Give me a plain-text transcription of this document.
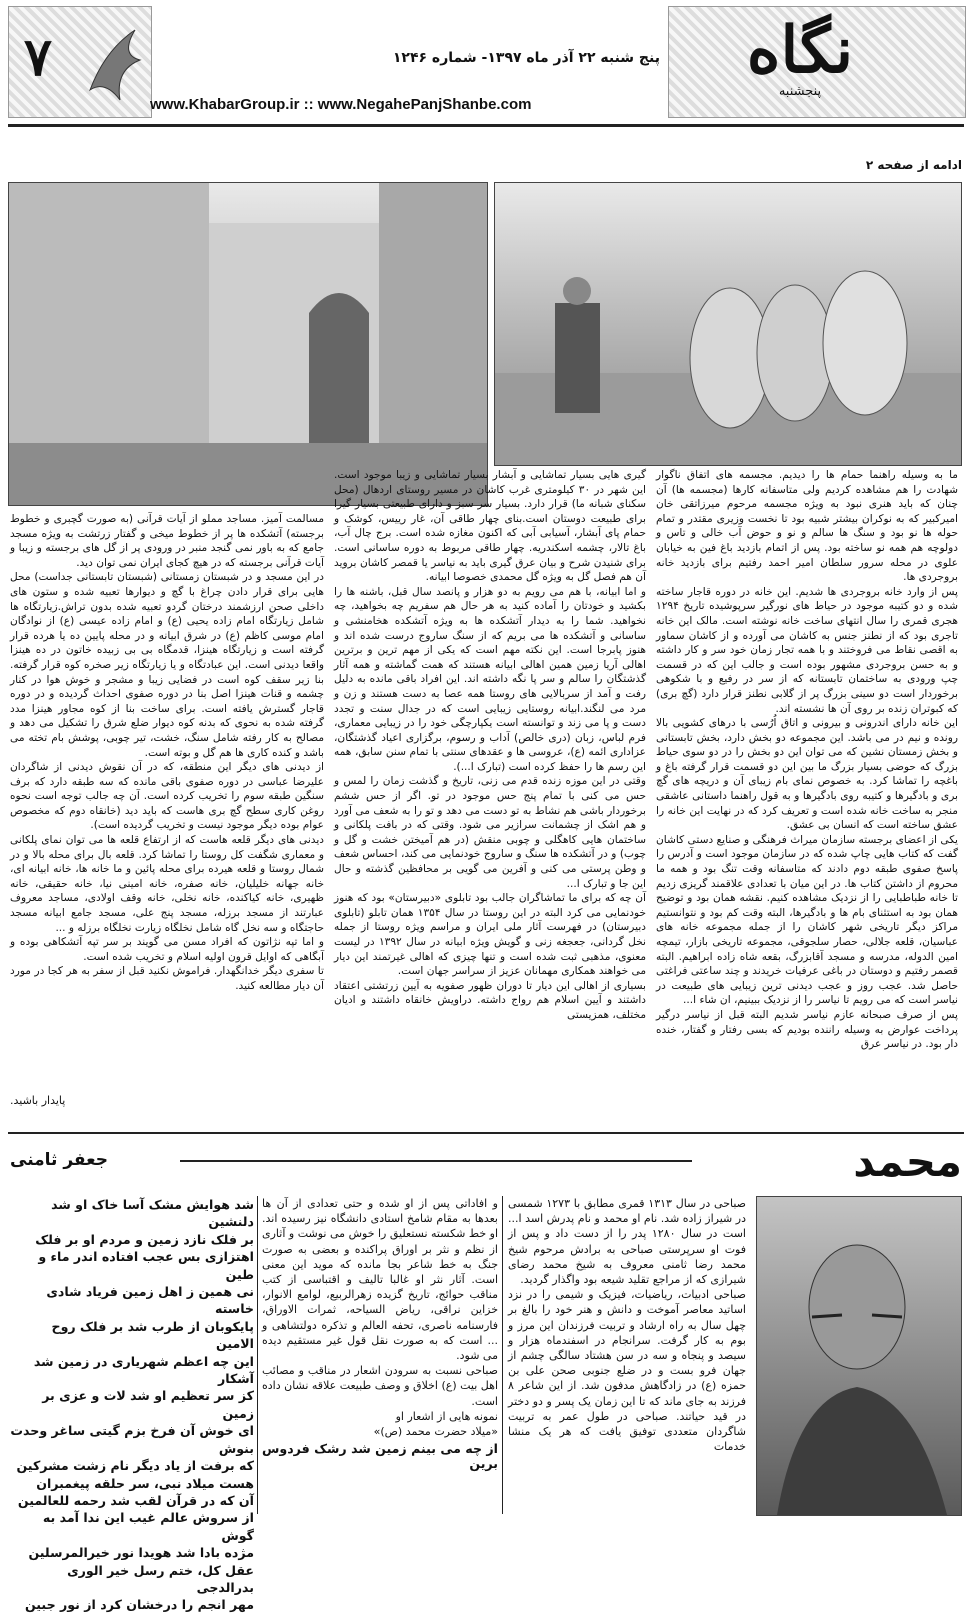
۷	پنج شنبه ۲۲ آذر ماه ۱۳۹۷- شماره ۱۲۴۶
www.KhabarGroup.ir :: www.NegahePanjShanbe.com
نگاه
پنجشنبه
ادامه از صفحه ۲

ما به وسیله راهنما حمام ها را دیدیم. مجسمه های اتفاق ناگوار شهادت را هم مشاهده کردیم ولی متاسفانه کارها (مجسمه ها) آن چنان که باید هنری نبود به ویژه مجسمه مرحوم میرزاتقی خان امیرکبیر که به نوکران بیشتر شبیه بود تا نخست وزیری مقتدر و تمام حوله ها نو بود و سنگ ها سالم و نو و حوض آب خالی و تاس و دولوچه هم همه نو ساخته بود. پس از اتمام بازدید باغ فین به خیابان علوی در محله سرور سلطان امیر احمد رفتیم برای بازدید خانه بروجردی ها.
پس از وارد خانه بروجردی ها شدیم. این خانه در دوره قاجار ساخته شده و دو کتیبه موجود در حیاط های نورگیر سرپوشیده تاریخ ۱۲۹۴ هجری قمری را سال انتهای ساخت خانه نوشته است. مالک این خانه تاجری بود که از نطنز جنس به کاشان می آورده و از کاشان سماور به اقصی نقاط می فروختند و با همه تجار زمان خود سر و کار داشته و به حسن بروجردی مشهور بوده است و جالب این که در قسمت چپ ورودی به ساختمان تابستانه که از سر در رفیع و با شکوهی برخوردار است دو سینی بزرگ پر از گلابی نطنز قرار دارد (گچ بری) که کبوتران زنده بر روی آن ها نشسته اند.
این خانه دارای اندرونی و بیرونی و اتاق اُرُسی با درهای کشویی بالا رونده و نیم در می باشد. این مجموعه دو بخش دارد، بخش تابستانی و بخش زمستان نشین که می توان این دو بخش را در دو سوی حیاط بزرگ که حوضی بسیار بزرگ ما بین این دو قسمت قرار گرفته باغ و باغچه را تماشا کرد. به خصوص نمای بام زیبای آن و دریچه های گچ بری و بادگیرها و کتیبه روی بادگیرها و به قول راهنما داستانی عاشقی منجر به ساخت خانه شده است و تعریف کرد که در نهایت این خانه را عشق ساخته است که انسان بی عشق.
یکی از اعضای برجسته سازمان میراث فرهنگی و صنایع دستی کاشان گفت که کتاب هایی چاپ شده که در سازمان موجود است و آدرس را پاسخ صفوی طبقه دوم دادند که متاسفانه وقت تنگ بود و همه ما محروم از داشتن کتاب ها. در این میان با تعدادی علاقمند گریزی زدیم تا خانه طباطبایی را از نزدیک مشاهده کنیم. نقشه همان بود و توضیح همان بود به استثنای بام ها و بادگیرها، البته وقت کم بود و نتوانستیم مراکز دیگر تاریخی شهر کاشان را از جمله مجموعه خانه های عباسیان، قلعه جلالی، حصار سلجوقی، مجموعه تاریخی بازار، تیمچه امین الدوله، مدرسه و مسجد آقابزرگ، بقعه شاه زاده ابراهیم. البته قصمر رفتیم و دوستان در باغی عرفیات خریدند و چند ساعتی فراغتی حاصل شد. عجب روز و عجب دیدنی ترین زیبایی های طبیعت در نیاسر است که می رویم تا نیاسر را از نزدیک ببینیم، ان شاء ا...
پس از صرف صبحانه عازم نیاسر شدیم البته قبل از نیاسر درگیر پرداخت عوارض به وسیله راننده بودیم که بسی رفتار و گفتار، خنده دار بود. در نیاسر عرق

گیری هایی بسیار تماشایی و آبشار بسیار تماشایی و زیبا موجود است. این شهر در ۳۰ کیلومتری غرب کاشان در مسیر روستای اردهال (محل سکنای شبانه ما) قرار دارد. بسیار سر سبز و دارای طبیعتی بسیار گیرا برای طبیعت دوستان است.بنای چهار طاقی آن، غار رییس، کوشک و حمام پای آبشار، آسیابی آبی که اکنون مغازه شده است. برج چال آب، باغ تالار، چشمه اسکندریه. چهار طاقی مربوط به دوره ساسانی است. برای شنیدن شرح و بیان عرق گیری باید به نیاسر یا قمصر کاشان بروید آن هم فصل گل به ویژه گل محمدی خصوصا ابیانه.
و اما ابیانه، با هم می رویم به دو هزار و پانصد سال قبل، باشنه ها را بکشید و خودتان را آماده کنید به هر حال هم سفریم چه بخواهید، چه نخواهید. شما را به دیدار آتشکده ها به ویژه آتشکده هخامنشی و ساسانی و آتشکده ها می بریم که از سنگ ساروج درست شده اند و هنوز پابرجا است. این نکته مهم است که یکی از مهم ترین و برترین اهالی آریا زمین همین اهالی ابیانه هستند که همت گماشته و همه آثار گذشتگان را سالم و سر پا نگه داشته اند. این افراد باقی مانده به دلیل رفت و آمد از سربالایی های روستا همه عصا به دست هستند و زن و مرد می لنگند.ابیانه روستایی زیبایی است که در جدال سنت و تجدد دست و پا می زند و توانسته است یکپارچگی خود را در زیبایی معماری، فرم لباس، زبان (دری خالص) آداب و رسوم، برگزاری اعیاد گذشتگان، عزاداری ائمه (ع)، عروسی ها و عقدهای سنتی با تمام سنن سابق، همه این رسم ها را حفظ کرده است (تبارک ا...).
وقتی در این موزه زنده قدم می زنی، تاریخ و گذشت زمان را لمس و حس می کنی با تمام پنج حس موجود در تو. اگر از حس ششم برخوردار باشی هم نشاط به تو دست می دهد و تو را به شعف می آورد و هم اشک از چشمانت سرازیر می شود. وقتی که در بافت پلکانی و ساختمان هایی کاهگلی و چوبی منقش (در هم آمیختن خشت و گل و چوب) و در آتشکده ها سنگ و ساروج خودنمایی می کند، احساس شعف و وطن پرستی می کنی و آفرین می گویی بر محافظین گذشته و حال این جا و تبارک ا...
آن چه که برای ما تماشاگران جالب بود تابلوی «دبیرستان» بود که هنوز خودنمایی می کرد البته در این روستا در سال ۱۳۵۴ همان تابلو (تابلوی دبیرستان) در فهرست آثار ملی ایران و مراسم ویژه روستا از جمله نخل گردانی، جعجغه زنی و گویش ویژه ابیانه در سال ۱۳۹۲ در لیست معنوی، مذهبی ثبت شده است و تنها چیزی که اهالی غیرتمند این دیار می خواهند همکاری مهمانان عزیز از سراسر جهان است.
بسیاری از اهالی این دیار تا دوران ظهور صفویه به آیین زرتشتی اعتقاد داشتند و آیین اسلام هم رواج داشته. دراویش خانقاه داشتند و ادیان مختلف، همزیستی

مسالمت آمیز. مساجد مملو از آیات قرآنی (به صورت گچبری و خطوط برجسته) آتشکده ها پر از خطوط میخی و گفتار زرتشت به ویژه مسجد جامع که به باور نمی گنجد منبر در ورودی پر از گل های برجسته و زیبا و آیات قرآنی برجسته که در هیچ کجای ایران نمی توان دید.
در این مسجد و در شبستان زمستانی (شبستان تابستانی جداست) محل هایی برای قرار دادن چراغ با گچ و دیوارها تعبیه شده و ستون های داخلی صحن ارزشمند درختان گردو تعبیه شده بدون تراش.زیارتگاه ها شامل زیارتگاه امام زاده یحیی (ع) و امام زاده عیسی (ع) از نوادگان امام موسی کاظم (ع) در شرق ابیانه و در محله پایین ده یا هرده قرار گرفته است و زیارتگاه هینزا، قدمگاه بی بی زبیده خاتون در ده هینزا واقعا دیدنی است. این عبادتگاه و یا زیارتگاه زیر صخره کوه قرار گرفته. بنا زیر سقف کوه است در فضایی زیبا و مشجر و خوش هوا در کنار چشمه و قنات هینزا اصل بنا در دوره صفوی احداث گردیده و در دوره قاجار گسترش یافته است. برای ساخت بنا از کوه مجاور هینزا مدد گرفته شده به نحوی که بدنه کوه دیوار ضلع شرق را تشکیل می دهد و مصالح به کار رفته شامل سنگ، خشت، تیر چوبی، پوشش بام تخته می باشد و کنده کاری ها هم گل و بوته است.
از دیدنی های دیگر این منطقه، که در آن نقوش دیدنی از شاگردان علیرضا عباسی در دوره صفوی باقی مانده که سه طبقه دارد که برف سنگین طبقه سوم را تخریب کرده است. آن چه جالب توجه است نحوه روغن کاری سطح گچ بری هاست که باید دید (خانقاه دوم که مخصوص عوام بوده دیگر موجود نیست و تخریب گردیده است).
دیدنی های دیگر قلعه هاست که از ارتفاع قلعه ها می توان نمای پلکانی و معماری شگفت کل روستا را تماشا کرد. قلعه بال برای محله بالا و در شمال روستا و قلعه هیرده برای محله پائین و ما خانه ها، خانه ابیانه ای، خانه جهانه خلیلیان، خانه صفره، خانه امینی نیا، خانه حقیقی، خانه ظهیری، خانه کیاکنده، خانه نخلی، خانه وقف اولادی، مساجد معروف عبارتند از مسجد برزله، مسجد پنج علی، مسجد جامع ابیانه مسجد حاجتگاه و سه نخل گاه شامل نخلگاه زیارت نخلگاه برزله و ...
و اما تپه نژاتون که افراد مسن می گویند بر سر تپه آتشکاهی بوده و آبگاهی که اوایل قرون اولیه اسلام و تخریب شده است.
تا سفری دیگر خدانگهدار. فراموش نکنید قبل از سفر به هر کجا در مورد آن دیار مطالعه کنید.

پایدار باشید.
محمد
جعفر ثامنی

صباحی در سال ۱۳۱۳ قمری مطابق با ۱۲۷۳ شمسی در شیراز زاده شد. نام او محمد و نام پدرش اسد ا... است در سال ۱۲۸۰ پدر را از دست داد و پس از فوت او سرپرستی صباحی به برادش مرحوم شیخ محمد رضا ثامنی معروف به شیخ محمد رضای شیرازی که از مراجع تقلید شیعه بود واگذار گردید.
صباحی ادبیات، ریاضیات، فیزیک و شیمی را در نزد اساتید معاصر آموخت و دانش و هنر خود را بالغ بر چهل سال به راه ارشاد و تربیت فرزندان این مرز و بوم به کار گرفت. سرانجام در اسفندماه هزار و سیصد و پنجاه و سه در سن هشتاد سالگی چشم از جهان فرو بست و در ضلع جنوبی صحن علی بن حمزه (ع) در زادگاهش مدفون شد. از این شاعر ۸ فرزند به جای ماند که تا این زمان یک پسر و دو دختر در قید حیاتند. صباحی در طول عمر به تربیت شاگردان متعددی توفیق یافت که هر یک منشا خدمات

و افاداتی پس از او شده و حتی تعدادی از آن ها بعدها به مقام شامخ استادی دانشگاه نیز رسیده اند. او خط شکسته نستعلیق را خوش می نوشت و آثاری از نظم و نثر بر اوراق پراکنده و بعضی به صورت جنگ به خط شاعر بجا مانده که موید این معنی است. آثار نثر او غالبا تالیف و اقتباسی از کتب مناقب حوائج، تاریخ گزیده زهرالربیع، لوامع الانوار، خزاین نراقی، ریاض السیاحه، ثمرات الاوراق، فارسنامه ناصری، تحفه العالم و تذکره دولتشاهی و ... است که به صورت نقل قول غیر مستقیم دیده می شود.
صباحی نسبت به سرودن اشعار در مناقب و مصائب اهل بیت (ع) اخلاق و وصف طبیعت علاقه نشان داده است.
نمونه هایی از اشعار او
«میلاد حضرت محمد (ص)»

از چه می بینم زمین شد رشک فردوس برین

شد هوایش مشک آسا خاک او شد دلنشین
بر فلک نازد زمین و مردم او بر فلک
اهتزازی بس عجب افتاده اندر ماء و طین
نی همین ز اهل زمین فریاد شادی خاسته
پایکوبان از طرب شد بر فلک روح الامین
این چه اعظم شهریاری در زمین شد آشکار
کز سر تعظیم او شد لات و عزی بر زمین
ای خوش آن فرخ بزم گیتی ساغر وحدت بنوش
که برفت از یاد دیگر نام زشت مشرکین
هست میلاد نبی، سر حلقه پیغمبران
آن که در قرآن لقب شد رحمه للعالمین
از سروش عالم غیب این ندا آمد به گوش
مژده بادا شد هویدا نور خیرالمرسلین
عقل کل، ختم رسل خیر الوری بدرالدجی
مهر انجم را درخشان کرد از نور جبین
